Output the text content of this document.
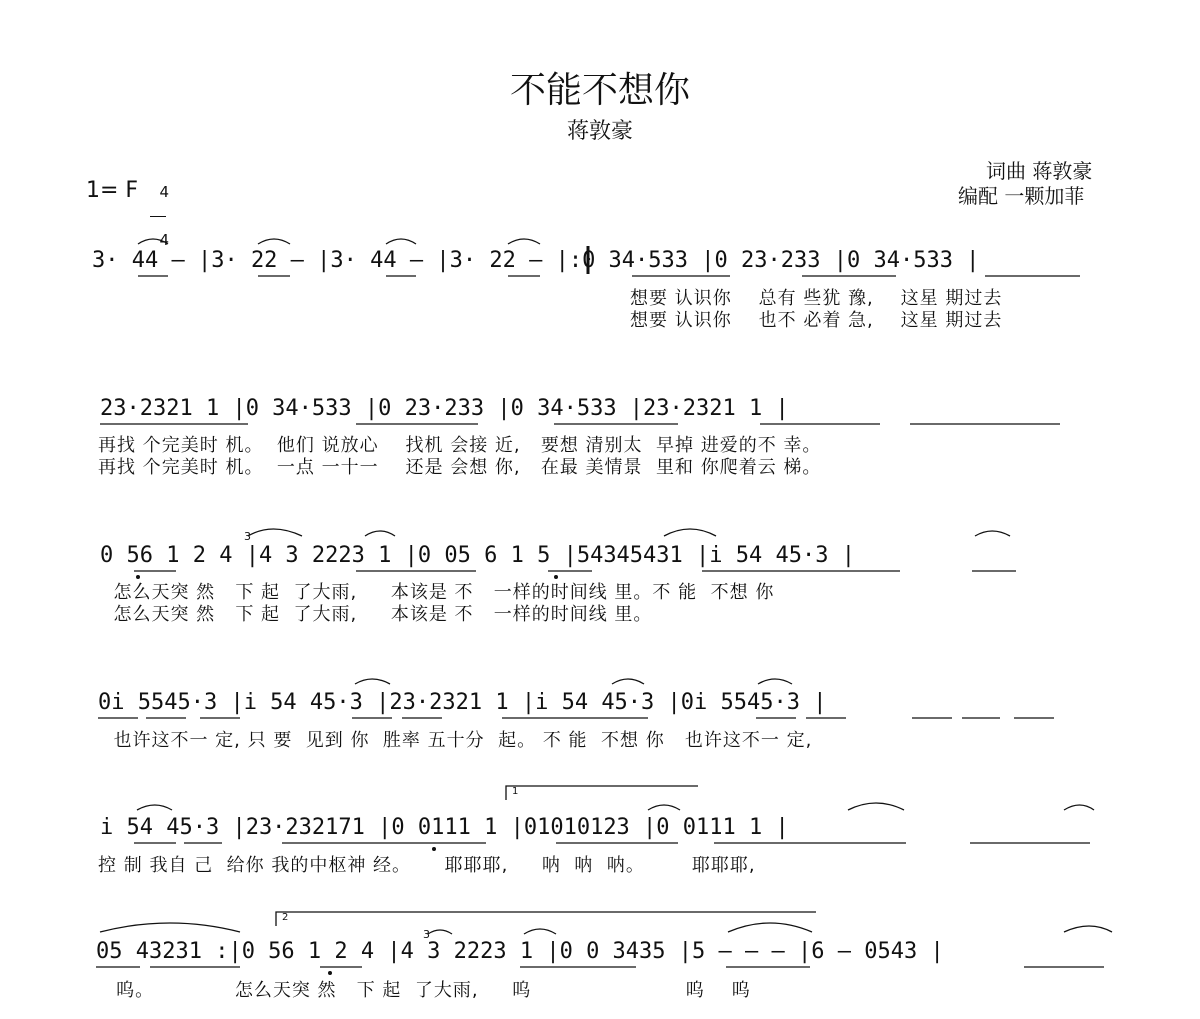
不能不想你
蒋敦豪
词曲 蒋敦豪
编配 一颗加菲
1= F	4

4

3· 44 – |3· 22 – |3· 44 – |3· 22 – |:0 34·533 |0 23·233 |0 34·533 |
想要 认识你    总有 些犹 豫,    这星 期过去
想要 认识你    也不 必着 急,    这星 期过去
23·2321 1 |0 34·533 |0 23·233 |0 34·533 |23·2321 1 |
再找 个完美时 机。  他们 说放心    找机 会接 近,   要想 清别太  早掉 进爱的不 幸。
再找 个完美时 机。  一点 一十一    还是 会想 你,   在最 美情景  里和 你爬着云 梯。
0 56 1 2 4 |4 3 2223 1 |0 05 6 1 5 |54345431 |i 54 45·3 |
怎么天突 然   下 起  了大雨,     本该是 不   一样的时间线 里。不 能  不想 你
怎么天突 然   下 起  了大雨,     本该是 不   一样的时间线 里。
0i 5545·3 |i 54 45·3 |23·2321 1 |i 54 45·3 |0i 5545·3 |
也许这不一 定, 只 要  见到 你  胜率 五十分  起。 不 能  不想 你   也许这不一 定,
i 54 45·3 |23·232171 |0 0111 1 |01010123 |0 0111 1 |
控 制 我自 己  给你 我的中枢神 经。     耶耶耶,     呐  呐  呐。       耶耶耶,
05 43231 :|0 56 1 2 4 |4 3 2223 1 |0 0 3435 |5 – – – |6 – 0543 |
呜。            怎么天突 然   下 起  了大雨,     呜                       呜    呜
1
2
3
3
